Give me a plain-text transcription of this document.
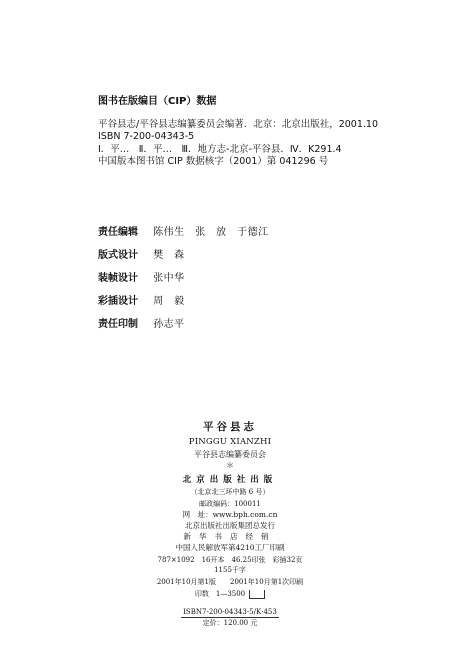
图书在版编目（CIP）数据
平谷县志/平谷县志编纂委员会编著．北京：北京出版社，2001.10
ISBN 7-200-04343-5
Ⅰ．平…　Ⅱ．平…　Ⅲ．地方志-北京-平谷县．Ⅳ．K291.4
中国版本图书馆 CIP 数据核字（2001）第 041296 号
责任编辑 陈伟生　张　放　于德江
版式设计 樊　森
装帧设计 张中华
彩插设计 周　毅
责任印制 孙志平
平谷县志
PINGGU XIANZHI
平谷县志编纂委员会
＊
北京出版社出版
（北京北三环中路 6 号）
邮政编码：100011
网　址：www.bph.com.cn
北京出版社出版集团总发行
新华书店经销
中国人民解放军第4210工厂印刷
787×1092　16开本　46.25印张　彩插32页　1155千字
2001年10月第1版　　2001年10月第1次印刷
印数　1—3500
ISBN7-200-04343-5/K·453
定价：120.00 元
